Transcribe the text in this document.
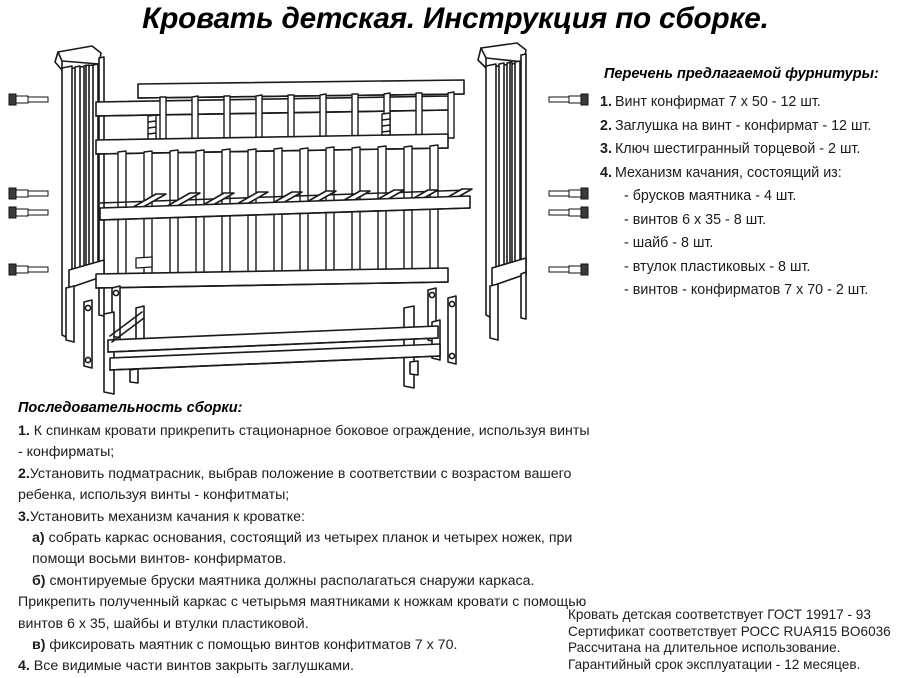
Кровать детская. Инструкция по сборке.
Перечень предлагаемой фурнитуры:
1. Винт конфирмат 7 х 50 - 12 шт.
2. Заглушка на винт - конфирмат - 12 шт.
3. Ключ шестигранный торцевой - 2 шт.
4. Механизм качания, состоящий из:
- брусков маятника - 4 шт.
- винтов 6 х 35 - 8 шт.
- шайб - 8 шт.
- втулок пластиковых - 8 шт.
- винтов - конфирматов 7 х 70 - 2 шт.
Последовательность сборки:

1. К спинкам кровати прикрепить стационарное боковое ограждение, используя винты - конфирматы;

2.Установить подматрасник, выбрав положение в соответствии с возрастом вашего ребенка, используя винты - конфитматы;

3.Установить механизм качания к кроватке:

а) собрать каркас основания, состоящий из четырех планок и четырех ножек, при помощи восьми винтов- конфирматов.

б) смонтируемые бруски маятника должны располагаться снаружи каркаса.

Прикрепить полученный каркас с четырьмя маятниками к ножкам кровати с помощью винтов 6 х 35, шайбы и втулки пластиковой.

в) фиксировать маятник с помощью винтов конфитматов 7 х 70.

4. Все видимые части винтов закрыть заглушками.

Кровать детская соответствует ГОСТ 19917 - 93
Сертификат соответствует РОСС RUAЯ15 BO6036
Рассчитана на длительное использование.
Гарантийный срок эксплуатации - 12 месяцев.
